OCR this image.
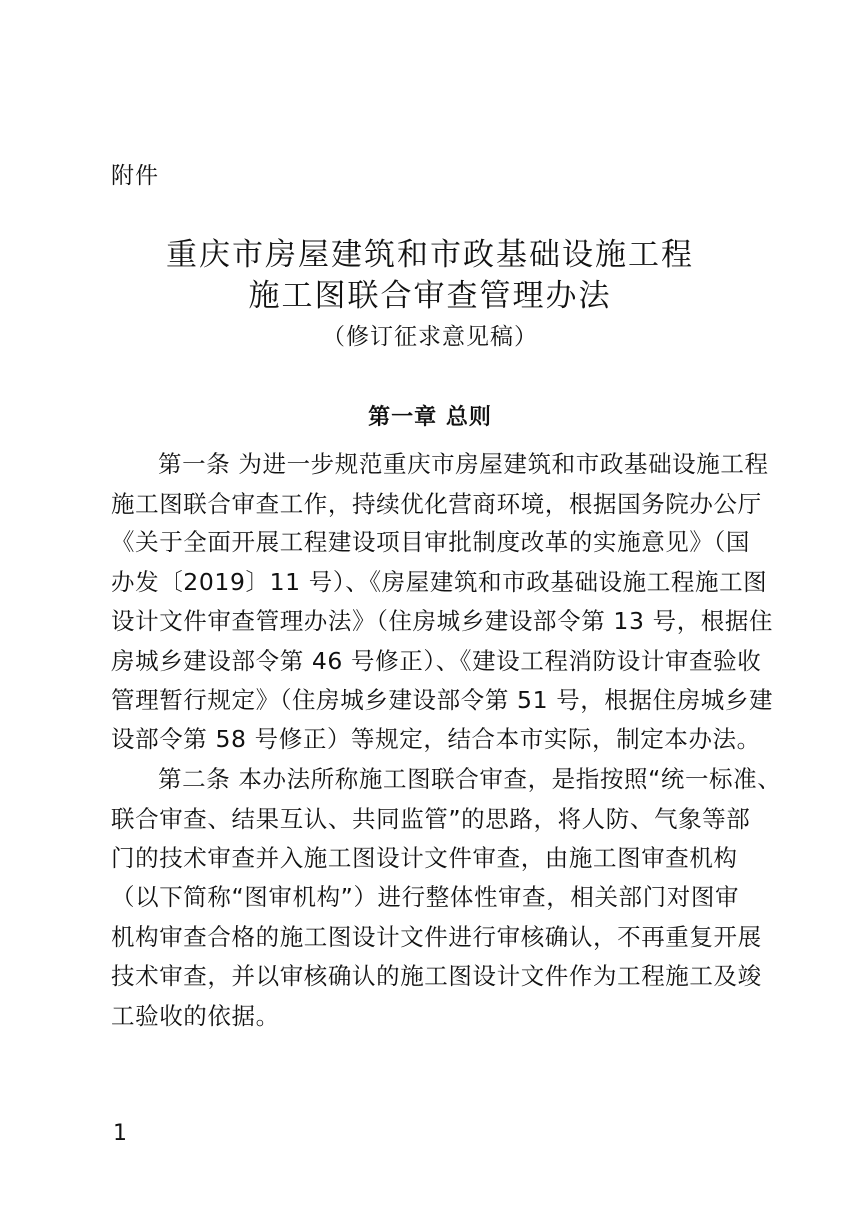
附件
重庆市房屋建筑和市政基础设施工程
施工图联合审查管理办法
（修订征求意见稿）
第一章 总则
第一条 为进一步规范重庆市房屋建筑和市政基础设施工程
施工图联合审查工作，持续优化营商环境，根据国务院办公厅
《关于全面开展工程建设项目审批制度改革的实施意见》（国
办发〔2019〕11 号）、《房屋建筑和市政基础设施工程施工图
设计文件审查管理办法》（住房城乡建设部令第 13 号，根据住
房城乡建设部令第 46 号修正）、《建设工程消防设计审查验收
管理暂行规定》（住房城乡建设部令第 51 号，根据住房城乡建
设部令第 58 号修正）等规定，结合本市实际，制定本办法。
第二条 本办法所称施工图联合审查，是指按照“统一标准、
联合审查、结果互认、共同监管”的思路，将人防、气象等部
门的技术审查并入施工图设计文件审查，由施工图审查机构
（以下简称“图审机构”）进行整体性审查，相关部门对图审
机构审查合格的施工图设计文件进行审核确认，不再重复开展
技术审查，并以审核确认的施工图设计文件作为工程施工及竣
工验收的依据。
1
